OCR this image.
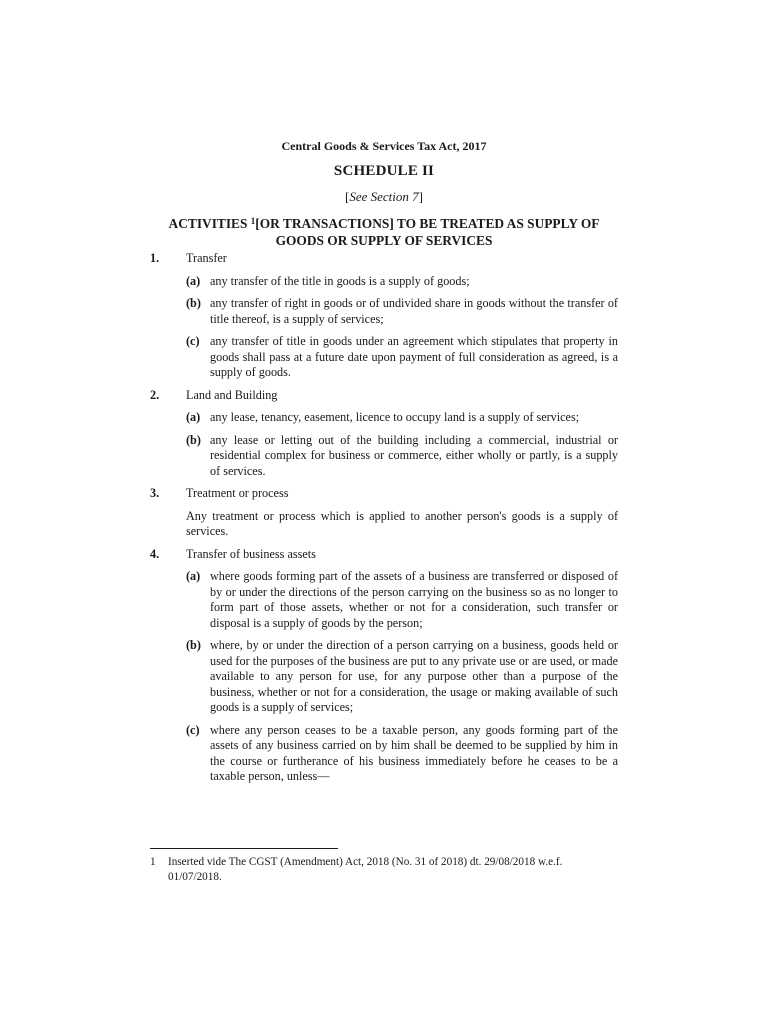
Central Goods & Services Tax Act, 2017
SCHEDULE II
[See Section 7]
ACTIVITIES $^1$[OR TRANSACTIONS] TO BE TREATED AS SUPPLY OF GOODS OR SUPPLY OF SERVICES
1. Transfer
(a) any transfer of the title in goods is a supply of goods;
(b) any transfer of right in goods or of undivided share in goods without the transfer of title thereof, is a supply of services;
(c) any transfer of title in goods under an agreement which stipulates that property in goods shall pass at a future date upon payment of full consideration as agreed, is a supply of goods.
2. Land and Building
(a) any lease, tenancy, easement, licence to occupy land is a supply of services;
(b) any lease or letting out of the building including a commercial, industrial or residential complex for business or commerce, either wholly or partly, is a supply of services.
3. Treatment or process
Any treatment or process which is applied to another person's goods is a supply of services.
4. Transfer of business assets
(a) where goods forming part of the assets of a business are transferred or disposed of by or under the directions of the person carrying on the business so as no longer to form part of those assets, whether or not for a consideration, such transfer or disposal is a supply of goods by the person;
(b) where, by or under the direction of a person carrying on a business, goods held or used for the purposes of the business are put to any private use or are used, or made available to any person for use, for any purpose other than a purpose of the business, whether or not for a consideration, the usage or making available of such goods is a supply of services;
(c) where any person ceases to be a taxable person, any goods forming part of the assets of any business carried on by him shall be deemed to be supplied by him in the course or furtherance of his business immediately before he ceases to be a taxable person, unless—
1	Inserted vide The CGST (Amendment) Act, 2018 (No. 31 of 2018) dt. 29/08/2018 w.e.f. 01/07/2018.
